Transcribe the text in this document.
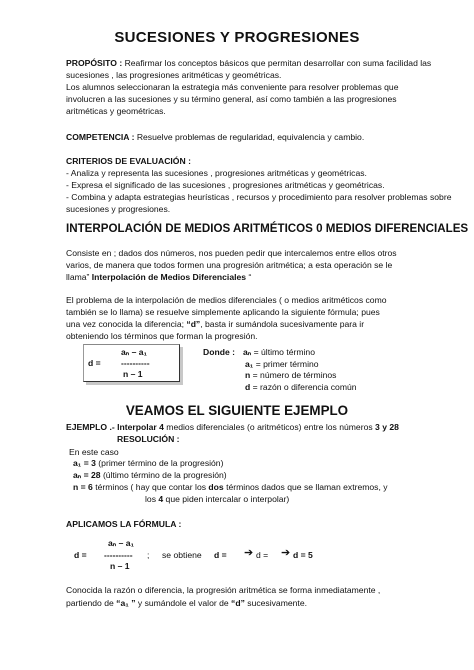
SUCESIONES Y PROGRESIONES
PROPÓSITO : Reafirmar los conceptos básicos que permitan desarrollar con suma facilidad las
sucesiones , las progresiones aritméticas y geométricas.
Los alumnos seleccionaran la estrategia más conveniente para resolver problemas que
involucren a las sucesiones y su término general, así como también a las progresiones
aritméticas y geométricas.
COMPETENCIA : Resuelve problemas de regularidad, equivalencia y cambio.
CRITERIOS DE EVALUACIÓN :
- Analiza y representa las sucesiones , progresiones aritméticas y geométricas.
- Expresa el significado de las sucesiones , progresiones aritméticas y geométricas.
- Combina y adapta estrategias heurísticas , recursos y procedimiento para resolver problemas sobre
sucesiones y progresiones.
INTERPOLACIÓN DE MEDIOS ARITMÉTICOS 0 MEDIOS DIFERENCIALES
Consiste en ; dados dos números, nos pueden pedir que intercalemos entre ellos otros
varios, de manera que todos formen una progresión aritmética; a esta operación se le
llama” Interpolación de Medios Diferenciales “
El problema de la interpolación de medios diferenciales ( o medios aritméticos como
también se lo llama) se resuelve simplemente aplicando la siguiente fórmula; pues
una vez conocida la diferencia; “d”, basta ir sumándola sucesivamente para ir
obteniendo los términos que forman la progresión.
aₙ – a₁
d = ----------
n – 1
Donde : aₙ = último término
a₁ = primer término
n = número de términos
d = razón o diferencia común
VEAMOS EL SIGUIENTE EJEMPLO
EJEMPLO .- Interpolar 4 medios diferenciales (o aritméticos) entre los números 3 y 28
RESOLUCIÓN :
En este caso
a₁ = 3 (primer término de la progresión)
aₙ = 28 (último término de la progresión)
n = 6 términos ( hay que contar los dos términos dados que se llaman extremos, y
los 4 que piden intercalar o interpolar)
APLICAMOS LA FÓRMULA :
aₙ – a₁
d = ---------- ; se obtiene d = ➔ d = ➔ d = 5
n – 1
Conocida la razón o diferencia, la progresión aritmética se forma inmediatamente ,
partiendo de “a₁ ” y sumándole el valor de “d” sucesivamente.
